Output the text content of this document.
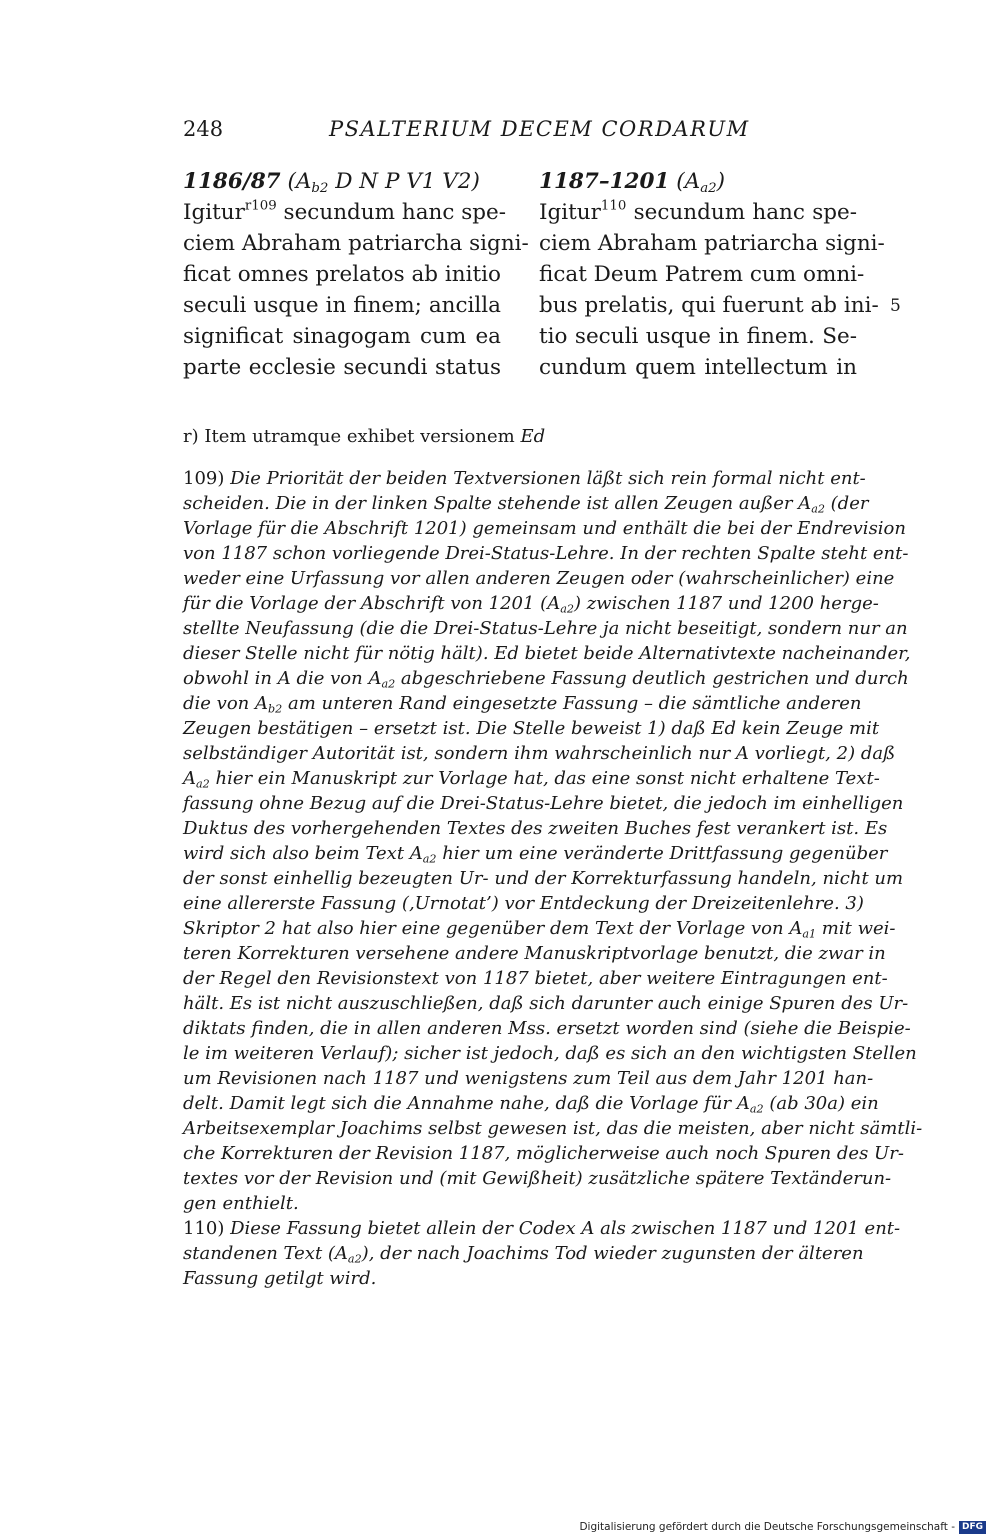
248	PSALTERIUM DECEM CORDARUM
1186/87 ($A_{b2}$ D N P V1 V2)
Igitur$^{r109}$ secundum hanc spe-
ciem Abraham patriarcha signi-
ficat omnes prelatos ab initio
seculi usque in finem; ancilla
significat sinagogam cum ea
parte ecclesie secundi status
1187–1201 $(A_{a2})$
Igitur$^{110}$ secundum hanc spe-
ciem Abraham patriarcha signi-
ficat Deum Patrem cum omni-
bus prelatis, qui fuerunt ab ini-
tio seculi usque in finem. Se-
cundum quem intellectum in
5
r) Item utramque exhibet versionem Ed
109) Die Priorität der beiden Textversionen läßt sich rein formal nicht ent-
scheiden. Die in der linken Spalte stehende ist allen Zeugen außer $A_{a2}$ (der
Vorlage für die Abschrift 1201) gemeinsam und enthält die bei der Endrevision
von 1187 schon vorliegende Drei-Status-Lehre. In der rechten Spalte steht ent-
weder eine Urfassung vor allen anderen Zeugen oder (wahrscheinlicher) eine
für die Vorlage der Abschrift von 1201 $(A_{a2})$ zwischen 1187 und 1200 herge-
stellte Neufassung (die die Drei-Status-Lehre ja nicht beseitigt, sondern nur an
dieser Stelle nicht für nötig hält). Ed bietet beide Alternativtexte nacheinander,
obwohl in A die von $A_{a2}$ abgeschriebene Fassung deutlich gestrichen und durch
die von $A_{b2}$ am unteren Rand eingesetzte Fassung – die sämtliche anderen
Zeugen bestätigen – ersetzt ist. Die Stelle beweist 1) daß Ed kein Zeuge mit
selbständiger Autorität ist, sondern ihm wahrscheinlich nur A vorliegt, 2) daß
$A_{a2}$ hier ein Manuskript zur Vorlage hat, das eine sonst nicht erhaltene Text-
fassung ohne Bezug auf die Drei-Status-Lehre bietet, die jedoch im einhelligen
Duktus des vorhergehenden Textes des zweiten Buches fest verankert ist. Es
wird sich also beim Text $A_{a2}$ hier um eine veränderte Drittfassung gegenüber
der sonst einhellig bezeugten Ur- und der Korrekturfassung handeln, nicht um
eine allererste Fassung (‚Urnotat’) vor Entdeckung der Dreizeitenlehre. 3)
Skriptor 2 hat also hier eine gegenüber dem Text der Vorlage von $A_{a1}$ mit wei-
teren Korrekturen versehene andere Manuskriptvorlage benutzt, die zwar in
der Regel den Revisionstext von 1187 bietet, aber weitere Eintragungen ent-
hält. Es ist nicht auszuschließen, daß sich darunter auch einige Spuren des Ur-
diktats finden, die in allen anderen Mss. ersetzt worden sind (siehe die Beispie-
le im weiteren Verlauf); sicher ist jedoch, daß es sich an den wichtigsten Stellen
um Revisionen nach 1187 und wenigstens zum Teil aus dem Jahr 1201 han-
delt. Damit legt sich die Annahme nahe, daß die Vorlage für $A_{a2}$ (ab 30a) ein
Arbeitsexemplar Joachims selbst gewesen ist, das die meisten, aber nicht sämtli-
che Korrekturen der Revision 1187, möglicherweise auch noch Spuren des Ur-
textes vor der Revision und (mit Gewißheit) zusätzliche spätere Textänderun-
gen enthielt.
110) Diese Fassung bietet allein der Codex A als zwischen 1187 und 1201 ent-
standenen Text $(A_{a2})$, der nach Joachims Tod wieder zugunsten der älteren
Fassung getilgt wird.
Digitalisierung gefördert durch die Deutsche Forschungsgemeinschaft - DFG
